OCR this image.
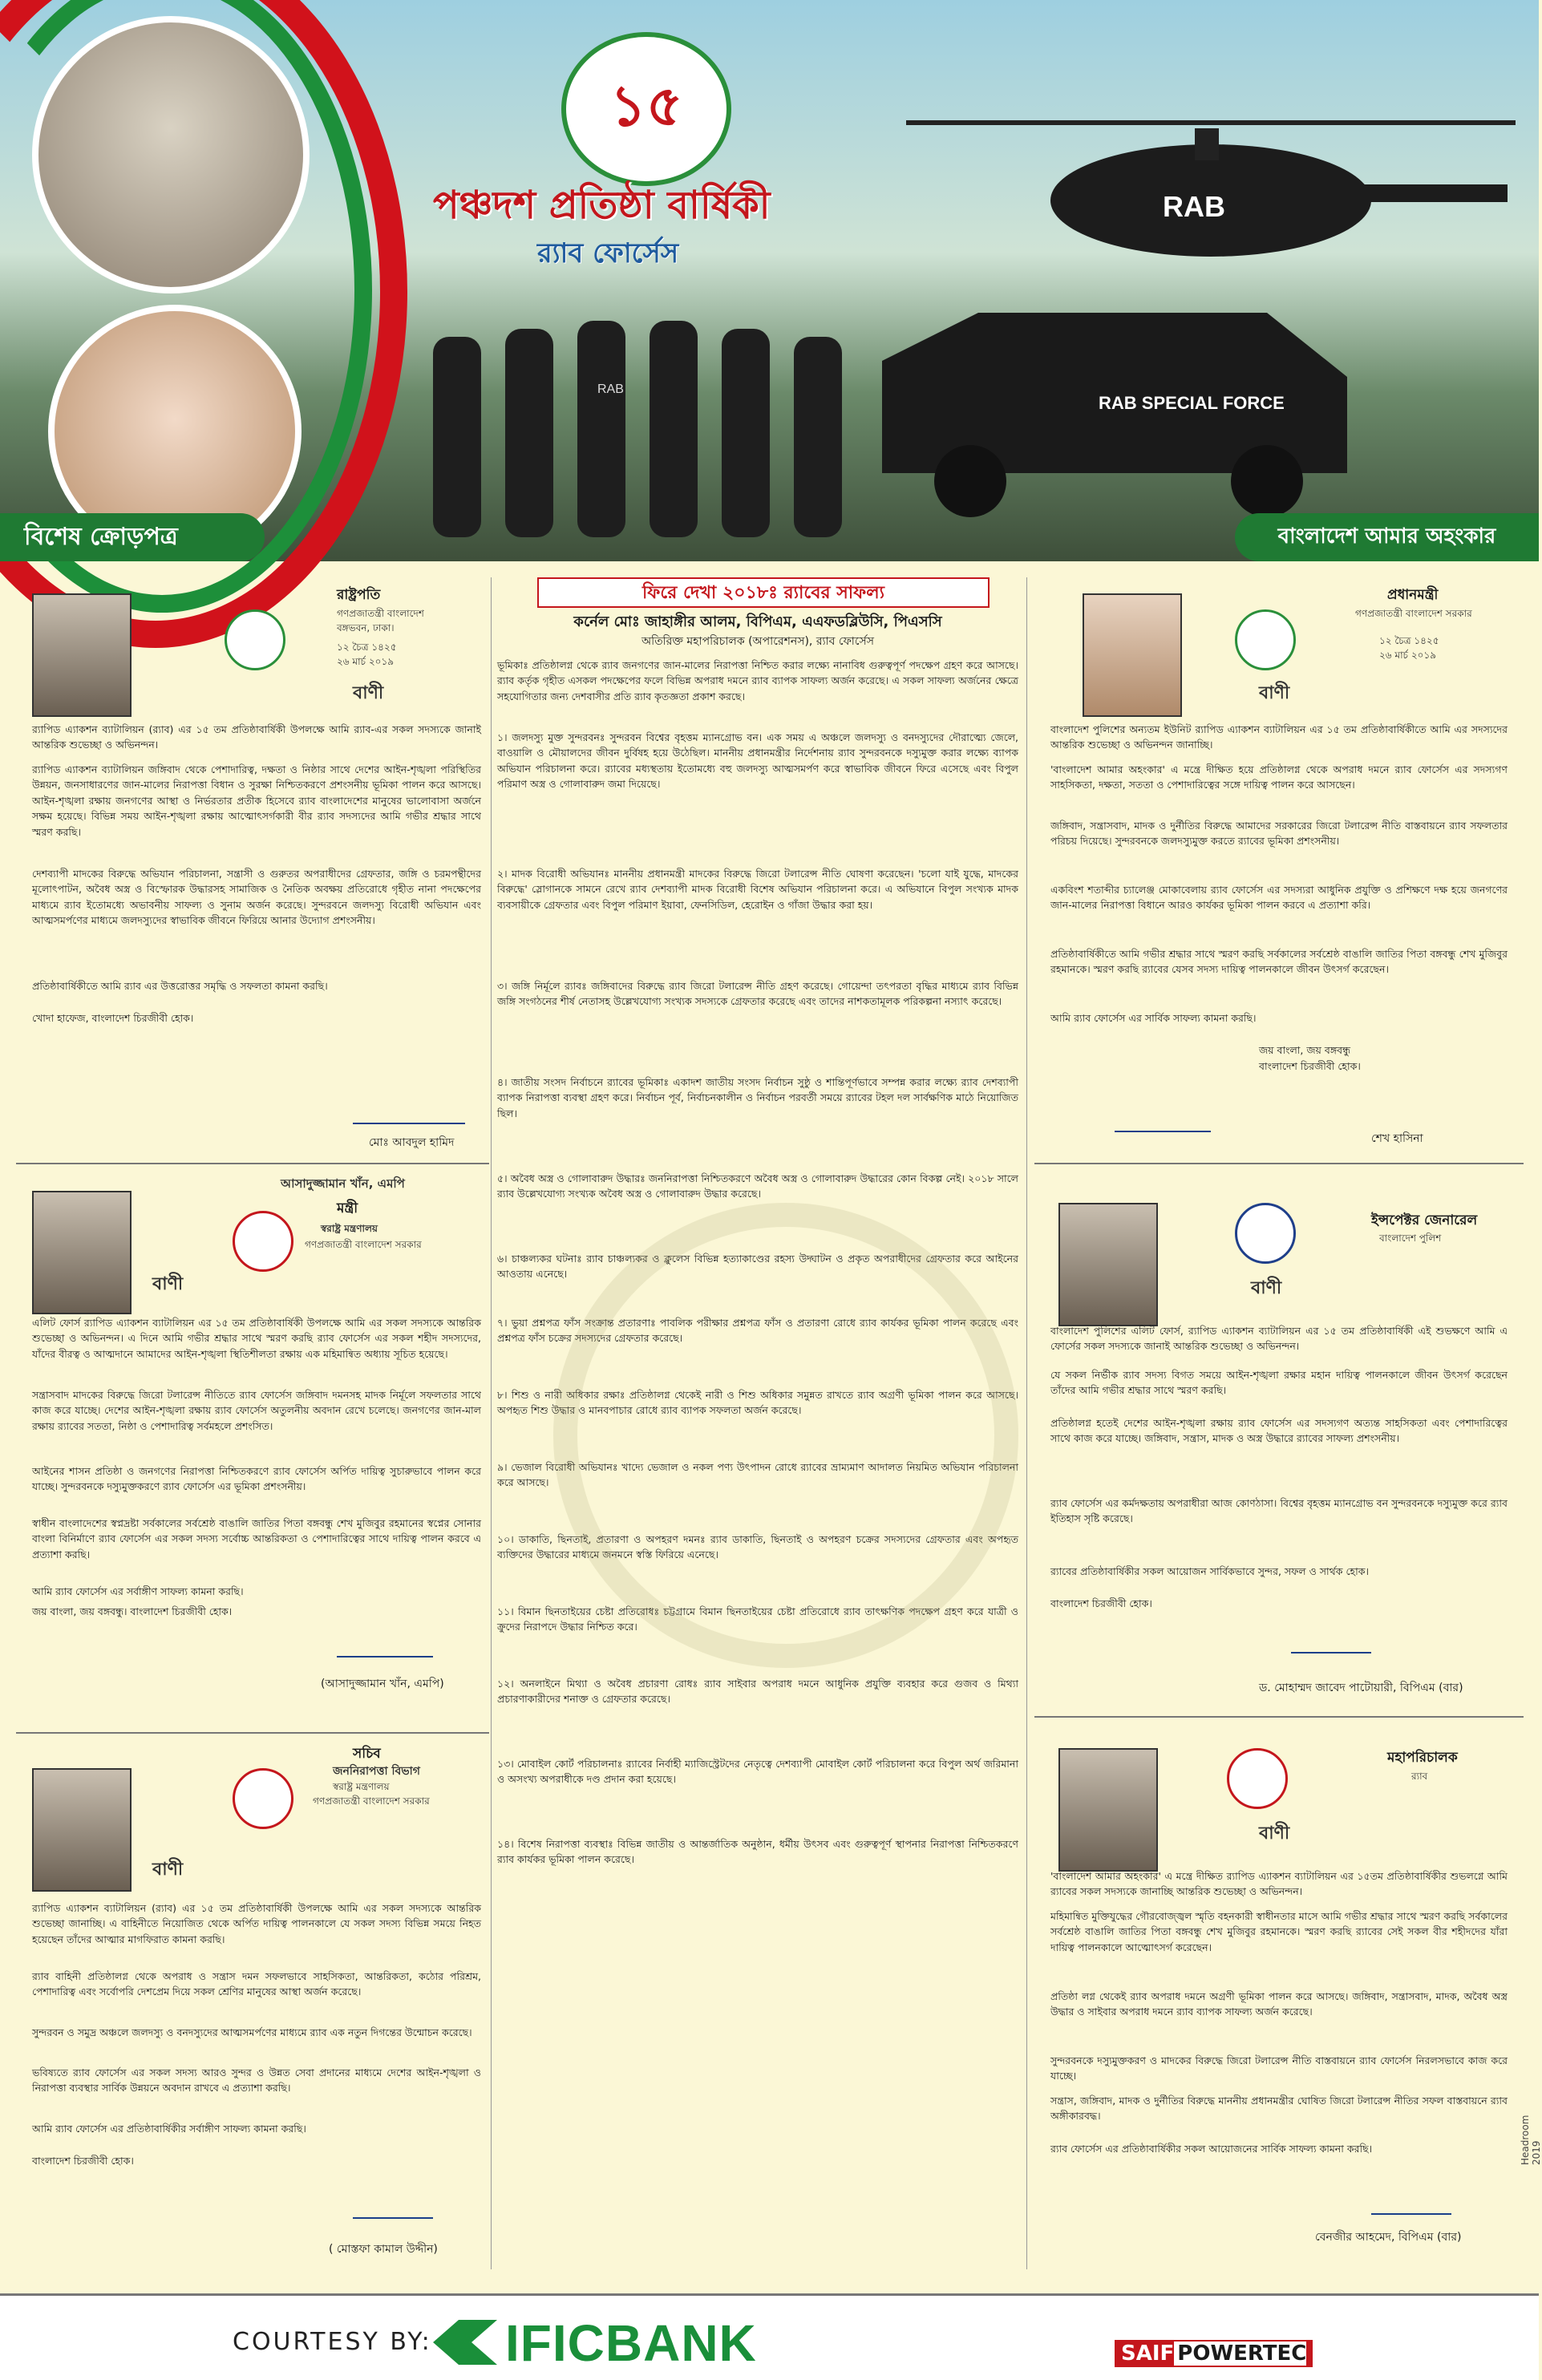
১৫
পঞ্চদশ প্রতিষ্ঠা বার্ষিকী
র‍্যাব ফোর্সেস
RAB
RAB
RAB SPECIAL FORCE
বিশেষ ক্রোড়পত্র	বাংলাদেশ আমার অহংকার
রাষ্ট্রপতি
গণপ্রজাতন্ত্রী বাংলাদেশ
বঙ্গভবন, ঢাকা।
১২ চৈত্র ১৪২৫
২৬ মার্চ ২০১৯
বাণী
র‍্যাপিড এ্যাকশন ব্যাটালিয়ন (র‍্যাব) এর ১৫ তম প্রতিষ্ঠাবার্ষিকী উপলক্ষে আমি র‍্যাব-এর সকল সদস্যকে জানাই আন্তরিক শুভেচ্ছা ও অভিনন্দন।
র‍্যাপিড এ্যাকশন ব্যাটালিয়ন জঙ্গিবাদ থেকে পেশাদারিত্ব, দক্ষতা ও নিষ্ঠার সাথে দেশের আইন-শৃঙ্খলা পরিস্থিতির উন্নয়ন, জনসাধারণের জান-মালের নিরাপত্তা বিধান ও সুরক্ষা নিশ্চিতকরণে প্রশংসনীয় ভূমিকা পালন করে আসছে। আইন-শৃঙ্খলা রক্ষায় জনগণের আস্থা ও নির্ভরতার প্রতীক হিসেবে র‍্যাব বাংলাদেশের মানুষের ভালোবাসা অর্জনে সক্ষম হয়েছে। বিভিন্ন সময় আইন-শৃঙ্খলা রক্ষায় আত্মোৎসর্গকারী বীর র‍্যাব সদস্যদের আমি গভীর শ্রদ্ধার সাথে স্মরণ করছি।
দেশব্যাপী মাদকের বিরুদ্ধে অভিযান পরিচালনা, সন্ত্রাসী ও গুরুতর অপরাধীদের গ্রেফতার, জঙ্গি ও চরমপন্থীদের মূলোৎপাটন, অবৈধ অস্ত্র ও বিস্ফোরক উদ্ধারসহ সামাজিক ও নৈতিক অবক্ষয় প্রতিরোধে গৃহীত নানা পদক্ষেপের মাধ্যমে র‍্যাব ইতোমধ্যে অভাবনীয় সাফল্য ও সুনাম অর্জন করেছে। সুন্দরবনে জলদস্যু বিরোধী অভিযান এবং আত্মসমর্পণের মাধ্যমে জলদস্যুদের স্বাভাবিক জীবনে ফিরিয়ে আনার উদ্যোগ প্রশংসনীয়।
প্রতিষ্ঠাবার্ষিকীতে আমি র‍্যাব এর উত্তরোত্তর সমৃদ্ধি ও সফলতা কামনা করছি।
খোদা হাফেজ, বাংলাদেশ চিরজীবী হোক।
মোঃ আবদুল হামিদ
আসাদুজ্জামান খাঁন, এমপি
মন্ত্রী
স্বরাষ্ট্র মন্ত্রণালয়
গণপ্রজাতন্ত্রী বাংলাদেশ সরকার
বাণী
এলিট ফোর্স র‍্যাপিড এ্যাকশন ব্যাটালিয়ন এর ১৫ তম প্রতিষ্ঠাবার্ষিকী উপলক্ষে আমি এর সকল সদস্যকে আন্তরিক শুভেচ্ছা ও অভিনন্দন। এ দিনে আমি গভীর শ্রদ্ধার সাথে স্মরণ করছি র‍্যাব ফোর্সেস এর সকল শহীদ সদস্যদের, যাঁদের বীরত্ব ও আত্মদানে আমাদের আইন-শৃঙ্খলা স্থিতিশীলতা রক্ষায় এক মহিমান্বিত অধ্যায় সূচিত হয়েছে।
সন্ত্রাসবাদ মাদকের বিরুদ্ধে জিরো টলারেন্স নীতিতে র‍্যাব ফোর্সেস জঙ্গিবাদ দমনসহ মাদক নির্মূলে সফলতার সাথে কাজ করে যাচ্ছে। দেশের আইন-শৃঙ্খলা রক্ষায় র‍্যাব ফোর্সেস অতুলনীয় অবদান রেখে চলেছে। জনগণের জান-মাল রক্ষায় র‍্যাবের সততা, নিষ্ঠা ও পেশাদারিত্ব সর্বমহলে প্রশংসিত।
আইনের শাসন প্রতিষ্ঠা ও জনগণের নিরাপত্তা নিশ্চিতকরণে র‍্যাব ফোর্সেস অর্পিত দায়িত্ব সুচারুভাবে পালন করে যাচ্ছে। সুন্দরবনকে দস্যুমুক্তকরণে র‍্যাব ফোর্সেস এর ভূমিকা প্রশংসনীয়।
স্বাধীন বাংলাদেশের স্বপ্নদ্রষ্টা সর্বকালের সর্বশ্রেষ্ঠ বাঙালি জাতির পিতা বঙ্গবন্ধু শেখ মুজিবুর রহমানের স্বপ্নের সোনার বাংলা বিনির্মাণে র‍্যাব ফোর্সেস এর সকল সদস্য সর্বোচ্চ আন্তরিকতা ও পেশাদারিত্বের সাথে দায়িত্ব পালন করবে এ প্রত্যাশা করছি।
আমি র‍্যাব ফোর্সেস এর সর্বাঙ্গীণ সাফল্য কামনা করছি।
জয় বাংলা, জয় বঙ্গবন্ধু। বাংলাদেশ চিরজীবী হোক।
(আসাদুজ্জামান খাঁন, এমপি)
সচিব
জননিরাপত্তা বিভাগ
স্বরাষ্ট্র মন্ত্রণালয়
গণপ্রজাতন্ত্রী বাংলাদেশ সরকার
বাণী
র‍্যাপিড এ্যাকশন ব্যাটালিয়ন (র‍্যাব) এর ১৫ তম প্রতিষ্ঠাবার্ষিকী উপলক্ষে আমি এর সকল সদস্যকে আন্তরিক শুভেচ্ছা জানাচ্ছি। এ বাহিনীতে নিয়োজিত থেকে অর্পিত দায়িত্ব পালনকালে যে সকল সদস্য বিভিন্ন সময়ে নিহত হয়েছেন তাঁদের আত্মার মাগফিরাত কামনা করছি।
র‍্যাব বাহিনী প্রতিষ্ঠালগ্ন থেকে অপরাধ ও সন্ত্রাস দমন সফলভাবে সাহসিকতা, আন্তরিকতা, কঠোর পরিশ্রম, পেশাদারিত্ব এবং সর্বোপরি দেশপ্রেম দিয়ে সকল শ্রেণির মানুষের আস্থা অর্জন করেছে।
সুন্দরবন ও সমুদ্র অঞ্চলে জলদস্যু ও বনদস্যুদের আত্মসমর্পণের মাধ্যমে র‍্যাব এক নতুন দিগন্তের উন্মোচন করেছে।
ভবিষ্যতে র‍্যাব ফোর্সেস এর সকল সদস্য আরও সুন্দর ও উন্নত সেবা প্রদানের মাধ্যমে দেশের আইন-শৃঙ্খলা ও নিরাপত্তা ব্যবস্থার সার্বিক উন্নয়নে অবদান রাখবে এ প্রত্যাশা করছি।
আমি র‍্যাব ফোর্সেস এর প্রতিষ্ঠাবার্ষিকীর সর্বাঙ্গীণ সাফল্য কামনা করছি।
বাংলাদেশ চিরজীবী হোক।
( মোস্তফা কামাল উদ্দীন)
ফিরে দেখা ২০১৮ঃ র‍্যাবের সাফল্য
কর্নেল মোঃ জাহাঙ্গীর আলম, বিপিএম, এএফডব্লিউসি, পিএসসি
অতিরিক্ত মহাপরিচালক (অপারেশনস), র‍্যাব ফোর্সেস
ভূমিকাঃ প্রতিষ্ঠালগ্ন থেকে র‍্যাব জনগণের জান-মালের নিরাপত্তা নিশ্চিত করার লক্ষ্যে নানাবিধ গুরুত্বপূর্ণ পদক্ষেপ গ্রহণ করে আসছে। র‍্যাব কর্তৃক গৃহীত এসকল পদক্ষেপের ফলে বিভিন্ন অপরাধ দমনে র‍্যাব ব্যাপক সাফল্য অর্জন করেছে। এ সকল সাফল্য অর্জনের ক্ষেত্রে সহযোগিতার জন্য দেশবাসীর প্রতি র‍্যাব কৃতজ্ঞতা প্রকাশ করছে।
১। জলদস্যু মুক্ত সুন্দরবনঃ সুন্দরবন বিশ্বের বৃহত্তম ম্যানগ্রোভ বন। এক সময় এ অঞ্চলে জলদস্যু ও বনদস্যুদের দৌরাত্ম্যে জেলে, বাওয়ালি ও মৌয়ালদের জীবন দুর্বিষহ হয়ে উঠেছিল। মাননীয় প্রধানমন্ত্রীর নির্দেশনায় র‍্যাব সুন্দরবনকে দস্যুমুক্ত করার লক্ষ্যে ব্যাপক অভিযান পরিচালনা করে। র‍্যাবের মধ্যস্থতায় ইতোমধ্যে বহু জলদস্যু আত্মসমর্পণ করে স্বাভাবিক জীবনে ফিরে এসেছে এবং বিপুল পরিমাণ অস্ত্র ও গোলাবারুদ জমা দিয়েছে।
২। মাদক বিরোধী অভিযানঃ মাননীয় প্রধানমন্ত্রী মাদকের বিরুদ্ধে জিরো টলারেন্স নীতি ঘোষণা করেছেন। 'চলো যাই যুদ্ধে, মাদকের বিরুদ্ধে' স্লোগানকে সামনে রেখে র‍্যাব দেশব্যাপী মাদক বিরোধী বিশেষ অভিযান পরিচালনা করে। এ অভিযানে বিপুল সংখ্যক মাদক ব্যবসায়ীকে গ্রেফতার এবং বিপুল পরিমাণ ইয়াবা, ফেনসিডিল, হেরোইন ও গাঁজা উদ্ধার করা হয়।
৩। জঙ্গি নির্মূলে র‍্যাবঃ জঙ্গিবাদের বিরুদ্ধে র‍্যাব জিরো টলারেন্স নীতি গ্রহণ করেছে। গোয়েন্দা তৎপরতা বৃদ্ধির মাধ্যমে র‍্যাব বিভিন্ন জঙ্গি সংগঠনের শীর্ষ নেতাসহ উল্লেখযোগ্য সংখ্যক সদস্যকে গ্রেফতার করেছে এবং তাদের নাশকতামূলক পরিকল্পনা নস্যাৎ করেছে।
৪। জাতীয় সংসদ নির্বাচনে র‍্যাবের ভূমিকাঃ একাদশ জাতীয় সংসদ নির্বাচন সুষ্ঠু ও শান্তিপূর্ণভাবে সম্পন্ন করার লক্ষ্যে র‍্যাব দেশব্যাপী ব্যাপক নিরাপত্তা ব্যবস্থা গ্রহণ করে। নির্বাচন পূর্ব, নির্বাচনকালীন ও নির্বাচন পরবর্তী সময়ে র‍্যাবের টহল দল সার্বক্ষণিক মাঠে নিয়োজিত ছিল।
৫। অবৈধ অস্ত্র ও গোলাবারুদ উদ্ধারঃ জননিরাপত্তা নিশ্চিতকরণে অবৈধ অস্ত্র ও গোলাবারুদ উদ্ধারের কোন বিকল্প নেই। ২০১৮ সালে র‍্যাব উল্লেখযোগ্য সংখ্যক অবৈধ অস্ত্র ও গোলাবারুদ উদ্ধার করেছে।
৬। চাঞ্চল্যকর ঘটনাঃ র‍্যাব চাঞ্চল্যকর ও ক্লুলেস বিভিন্ন হত্যাকাণ্ডের রহস্য উদ্ঘাটন ও প্রকৃত অপরাধীদের গ্রেফতার করে আইনের আওতায় এনেছে।
৭। ভুয়া প্রশ্নপত্র ফাঁস সংক্রান্ত প্রতারণাঃ পাবলিক পরীক্ষার প্রশ্নপত্র ফাঁস ও প্রতারণা রোধে র‍্যাব কার্যকর ভূমিকা পালন করেছে এবং প্রশ্নপত্র ফাঁস চক্রের সদস্যদের গ্রেফতার করেছে।
৮। শিশু ও নারী অধিকার রক্ষাঃ প্রতিষ্ঠালগ্ন থেকেই নারী ও শিশু অধিকার সমুন্নত রাখতে র‍্যাব অগ্রণী ভূমিকা পালন করে আসছে। অপহৃত শিশু উদ্ধার ও মানবপাচার রোধে র‍্যাব ব্যাপক সফলতা অর্জন করেছে।
৯। ভেজাল বিরোধী অভিযানঃ খাদ্যে ভেজাল ও নকল পণ্য উৎপাদন রোধে র‍্যাবের ভ্রাম্যমাণ আদালত নিয়মিত অভিযান পরিচালনা করে আসছে।
১০। ডাকাতি, ছিনতাই, প্রতারণা ও অপহরণ দমনঃ র‍্যাব ডাকাতি, ছিনতাই ও অপহরণ চক্রের সদস্যদের গ্রেফতার এবং অপহৃত ব্যক্তিদের উদ্ধারের মাধ্যমে জনমনে স্বস্তি ফিরিয়ে এনেছে।
১১। বিমান ছিনতাইয়ের চেষ্টা প্রতিরোধঃ চট্টগ্রামে বিমান ছিনতাইয়ের চেষ্টা প্রতিরোধে র‍্যাব তাৎক্ষণিক পদক্ষেপ গ্রহণ করে যাত্রী ও ক্রুদের নিরাপদে উদ্ধার নিশ্চিত করে।
১২। অনলাইনে মিথ্যা ও অবৈধ প্রচারণা রোধঃ র‍্যাব সাইবার অপরাধ দমনে আধুনিক প্রযুক্তি ব্যবহার করে গুজব ও মিথ্যা প্রচারণাকারীদের শনাক্ত ও গ্রেফতার করেছে।
১৩। মোবাইল কোর্ট পরিচালনাঃ র‍্যাবের নির্বাহী ম্যাজিস্ট্রেটদের নেতৃত্বে দেশব্যাপী মোবাইল কোর্ট পরিচালনা করে বিপুল অর্থ জরিমানা ও অসংখ্য অপরাধীকে দণ্ড প্রদান করা হয়েছে।
১৪। বিশেষ নিরাপত্তা ব্যবস্থাঃ বিভিন্ন জাতীয় ও আন্তর্জাতিক অনুষ্ঠান, ধর্মীয় উৎসব এবং গুরুত্বপূর্ণ স্থাপনার নিরাপত্তা নিশ্চিতকরণে র‍্যাব কার্যকর ভূমিকা পালন করেছে।
প্রধানমন্ত্রী
গণপ্রজাতন্ত্রী বাংলাদেশ সরকার
১২ চৈত্র ১৪২৫
২৬ মার্চ ২০১৯
বাণী
বাংলাদেশ পুলিশের অন্যতম ইউনিট র‍্যাপিড এ্যাকশন ব্যাটালিয়ন এর ১৫ তম প্রতিষ্ঠাবার্ষিকীতে আমি এর সদস্যদের আন্তরিক শুভেচ্ছা ও অভিনন্দন জানাচ্ছি।
'বাংলাদেশ আমার অহংকার' এ মন্ত্রে দীক্ষিত হয়ে প্রতিষ্ঠালগ্ন থেকে অপরাধ দমনে র‍্যাব ফোর্সেস এর সদস্যগণ সাহসিকতা, দক্ষতা, সততা ও পেশাদারিত্বের সঙ্গে দায়িত্ব পালন করে আসছেন।
জঙ্গিবাদ, সন্ত্রাসবাদ, মাদক ও দুর্নীতির বিরুদ্ধে আমাদের সরকারের জিরো টলারেন্স নীতি বাস্তবায়নে র‍্যাব সফলতার পরিচয় দিয়েছে। সুন্দরবনকে জলদস্যুমুক্ত করতে র‍্যাবের ভূমিকা প্রশংসনীয়।
একবিংশ শতাব্দীর চ্যালেঞ্জ মোকাবেলায় র‍্যাব ফোর্সেস এর সদস্যরা আধুনিক প্রযুক্তি ও প্রশিক্ষণে দক্ষ হয়ে জনগণের জান-মালের নিরাপত্তা বিধানে আরও কার্যকর ভূমিকা পালন করবে এ প্রত্যাশা করি।
প্রতিষ্ঠাবার্ষিকীতে আমি গভীর শ্রদ্ধার সাথে স্মরণ করছি সর্বকালের সর্বশ্রেষ্ঠ বাঙালি জাতির পিতা বঙ্গবন্ধু শেখ মুজিবুর রহমানকে। স্মরণ করছি র‍্যাবের যেসব সদস্য দায়িত্ব পালনকালে জীবন উৎসর্গ করেছেন।
আমি র‍্যাব ফোর্সেস এর সার্বিক সাফল্য কামনা করছি।
জয় বাংলা, জয় বঙ্গবন্ধু
বাংলাদেশ চিরজীবী হোক।
শেখ হাসিনা
ইন্সপেক্টর জেনারেল
বাংলাদেশ পুলিশ
বাণী
বাংলাদেশ পুলিশের এলিট ফোর্স, র‍্যাপিড এ্যাকশন ব্যাটালিয়ন এর ১৫ তম প্রতিষ্ঠাবার্ষিকী এই শুভক্ষণে আমি এ ফোর্সের সকল সদস্যকে জানাই আন্তরিক শুভেচ্ছা ও অভিনন্দন।
যে সকল নির্ভীক র‍্যাব সদস্য বিগত সময়ে আইন-শৃঙ্খলা রক্ষার মহান দায়িত্ব পালনকালে জীবন উৎসর্গ করেছেন তাঁদের আমি গভীর শ্রদ্ধার সাথে স্মরণ করছি।
প্রতিষ্ঠালগ্ন হতেই দেশের আইন-শৃঙ্খলা রক্ষায় র‍্যাব ফোর্সেস এর সদস্যগণ অত্যন্ত সাহসিকতা এবং পেশাদারিত্বের সাথে কাজ করে যাচ্ছে। জঙ্গিবাদ, সন্ত্রাস, মাদক ও অস্ত্র উদ্ধারে র‍্যাবের সাফল্য প্রশংসনীয়।
র‍্যাব ফোর্সেস এর কর্মদক্ষতায় অপরাধীরা আজ কোণঠাসা। বিশ্বের বৃহত্তম ম্যানগ্রোভ বন সুন্দরবনকে দস্যুমুক্ত করে র‍্যাব ইতিহাস সৃষ্টি করেছে।
র‍্যাবের প্রতিষ্ঠাবার্ষিকীর সকল আয়োজন সার্বিকভাবে সুন্দর, সফল ও সার্থক হোক।
বাংলাদেশ চিরজীবী হোক।
ড. মোহাম্মদ জাবেদ পাটোয়ারী, বিপিএম (বার)
মহাপরিচালক
র‍্যাব
বাণী
'বাংলাদেশ আমার অহংকার' এ মন্ত্রে দীক্ষিত র‍্যাপিড এ্যাকশন ব্যাটালিয়ন এর ১৫তম প্রতিষ্ঠাবার্ষিকীর শুভলগ্নে আমি র‍্যাবের সকল সদস্যকে জানাচ্ছি আন্তরিক শুভেচ্ছা ও অভিনন্দন।
মহিমান্বিত মুক্তিযুদ্ধের গৌরবোজ্জ্বল স্মৃতি বহনকারী স্বাধীনতার মাসে আমি গভীর শ্রদ্ধার সাথে স্মরণ করছি সর্বকালের সর্বশ্রেষ্ঠ বাঙালি জাতির পিতা বঙ্গবন্ধু শেখ মুজিবুর রহমানকে। স্মরণ করছি র‍্যাবের সেই সকল বীর শহীদদের যাঁরা দায়িত্ব পালনকালে আত্মোৎসর্গ করেছেন।
প্রতিষ্ঠা লগ্ন থেকেই র‍্যাব অপরাধ দমনে অগ্রণী ভূমিকা পালন করে আসছে। জঙ্গিবাদ, সন্ত্রাসবাদ, মাদক, অবৈধ অস্ত্র উদ্ধার ও সাইবার অপরাধ দমনে র‍্যাব ব্যাপক সাফল্য অর্জন করেছে।
সুন্দরবনকে দস্যুমুক্তকরণ ও মাদকের বিরুদ্ধে জিরো টলারেন্স নীতি বাস্তবায়নে র‍্যাব ফোর্সেস নিরলসভাবে কাজ করে যাচ্ছে।
সন্ত্রাস, জঙ্গিবাদ, মাদক ও দুর্নীতির বিরুদ্ধে মাননীয় প্রধানমন্ত্রীর ঘোষিত জিরো টলারেন্স নীতির সফল বাস্তবায়নে র‍্যাব অঙ্গীকারবদ্ধ।
র‍্যাব ফোর্সেস এর প্রতিষ্ঠাবার্ষিকীর সকল আয়োজনের সার্বিক সাফল্য কামনা করছি।
বেনজীর আহমেদ, বিপিএম (বার)
Headroom 2019
COURTESY BY: IFICBANK	SAIF POWERTEC
